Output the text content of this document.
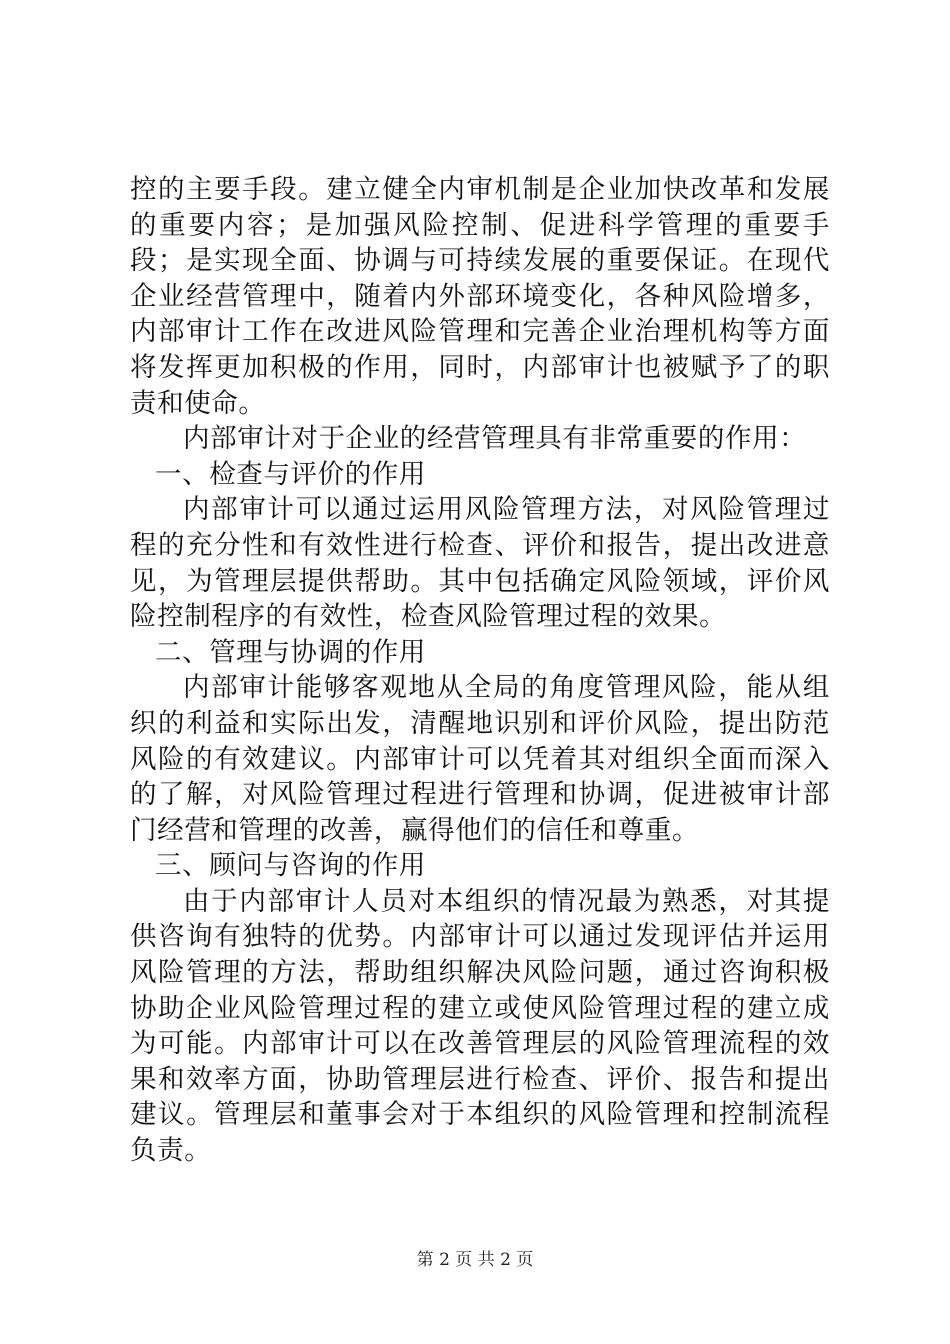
控的主要手段。建立健全内审机制是企业加快改革和发展的重要内容；是加强风险控制、促进科学管理的重要手段；是实现全面、协调与可持续发展的重要保证。在现代企业经营管理中，随着内外部环境变化，各种风险增多，内部审计工作在改进风险管理和完善企业治理机构等方面将发挥更加积极的作用，同时，内部审计也被赋予了的职责和使命。

内部审计对于企业的经营管理具有非常重要的作用：

一、检查与评价的作用

内部审计可以通过运用风险管理方法，对风险管理过程的充分性和有效性进行检查、评价和报告，提出改进意见，为管理层提供帮助。其中包括确定风险领域，评价风险控制程序的有效性，检查风险管理过程的效果。

二、管理与协调的作用

内部审计能够客观地从全局的角度管理风险，能从组织的利益和实际出发，清醒地识别和评价风险，提出防范风险的有效建议。内部审计可以凭着其对组织全面而深入的了解，对风险管理过程进行管理和协调，促进被审计部门经营和管理的改善，赢得他们的信任和尊重。

三、顾问与咨询的作用

由于内部审计人员对本组织的情况最为熟悉，对其提供咨询有独特的优势。内部审计可以通过发现评估并运用风险管理的方法，帮助组织解决风险问题，通过咨询积极协助企业风险管理过程的建立或使风险管理过程的建立成为可能。内部审计可以在改善管理层的风险管理流程的效果和效率方面，协助管理层进行检查、评价、报告和提出建议。管理层和董事会对于本组织的风险管理和控制流程负责。

第 2 页 共 2 页
